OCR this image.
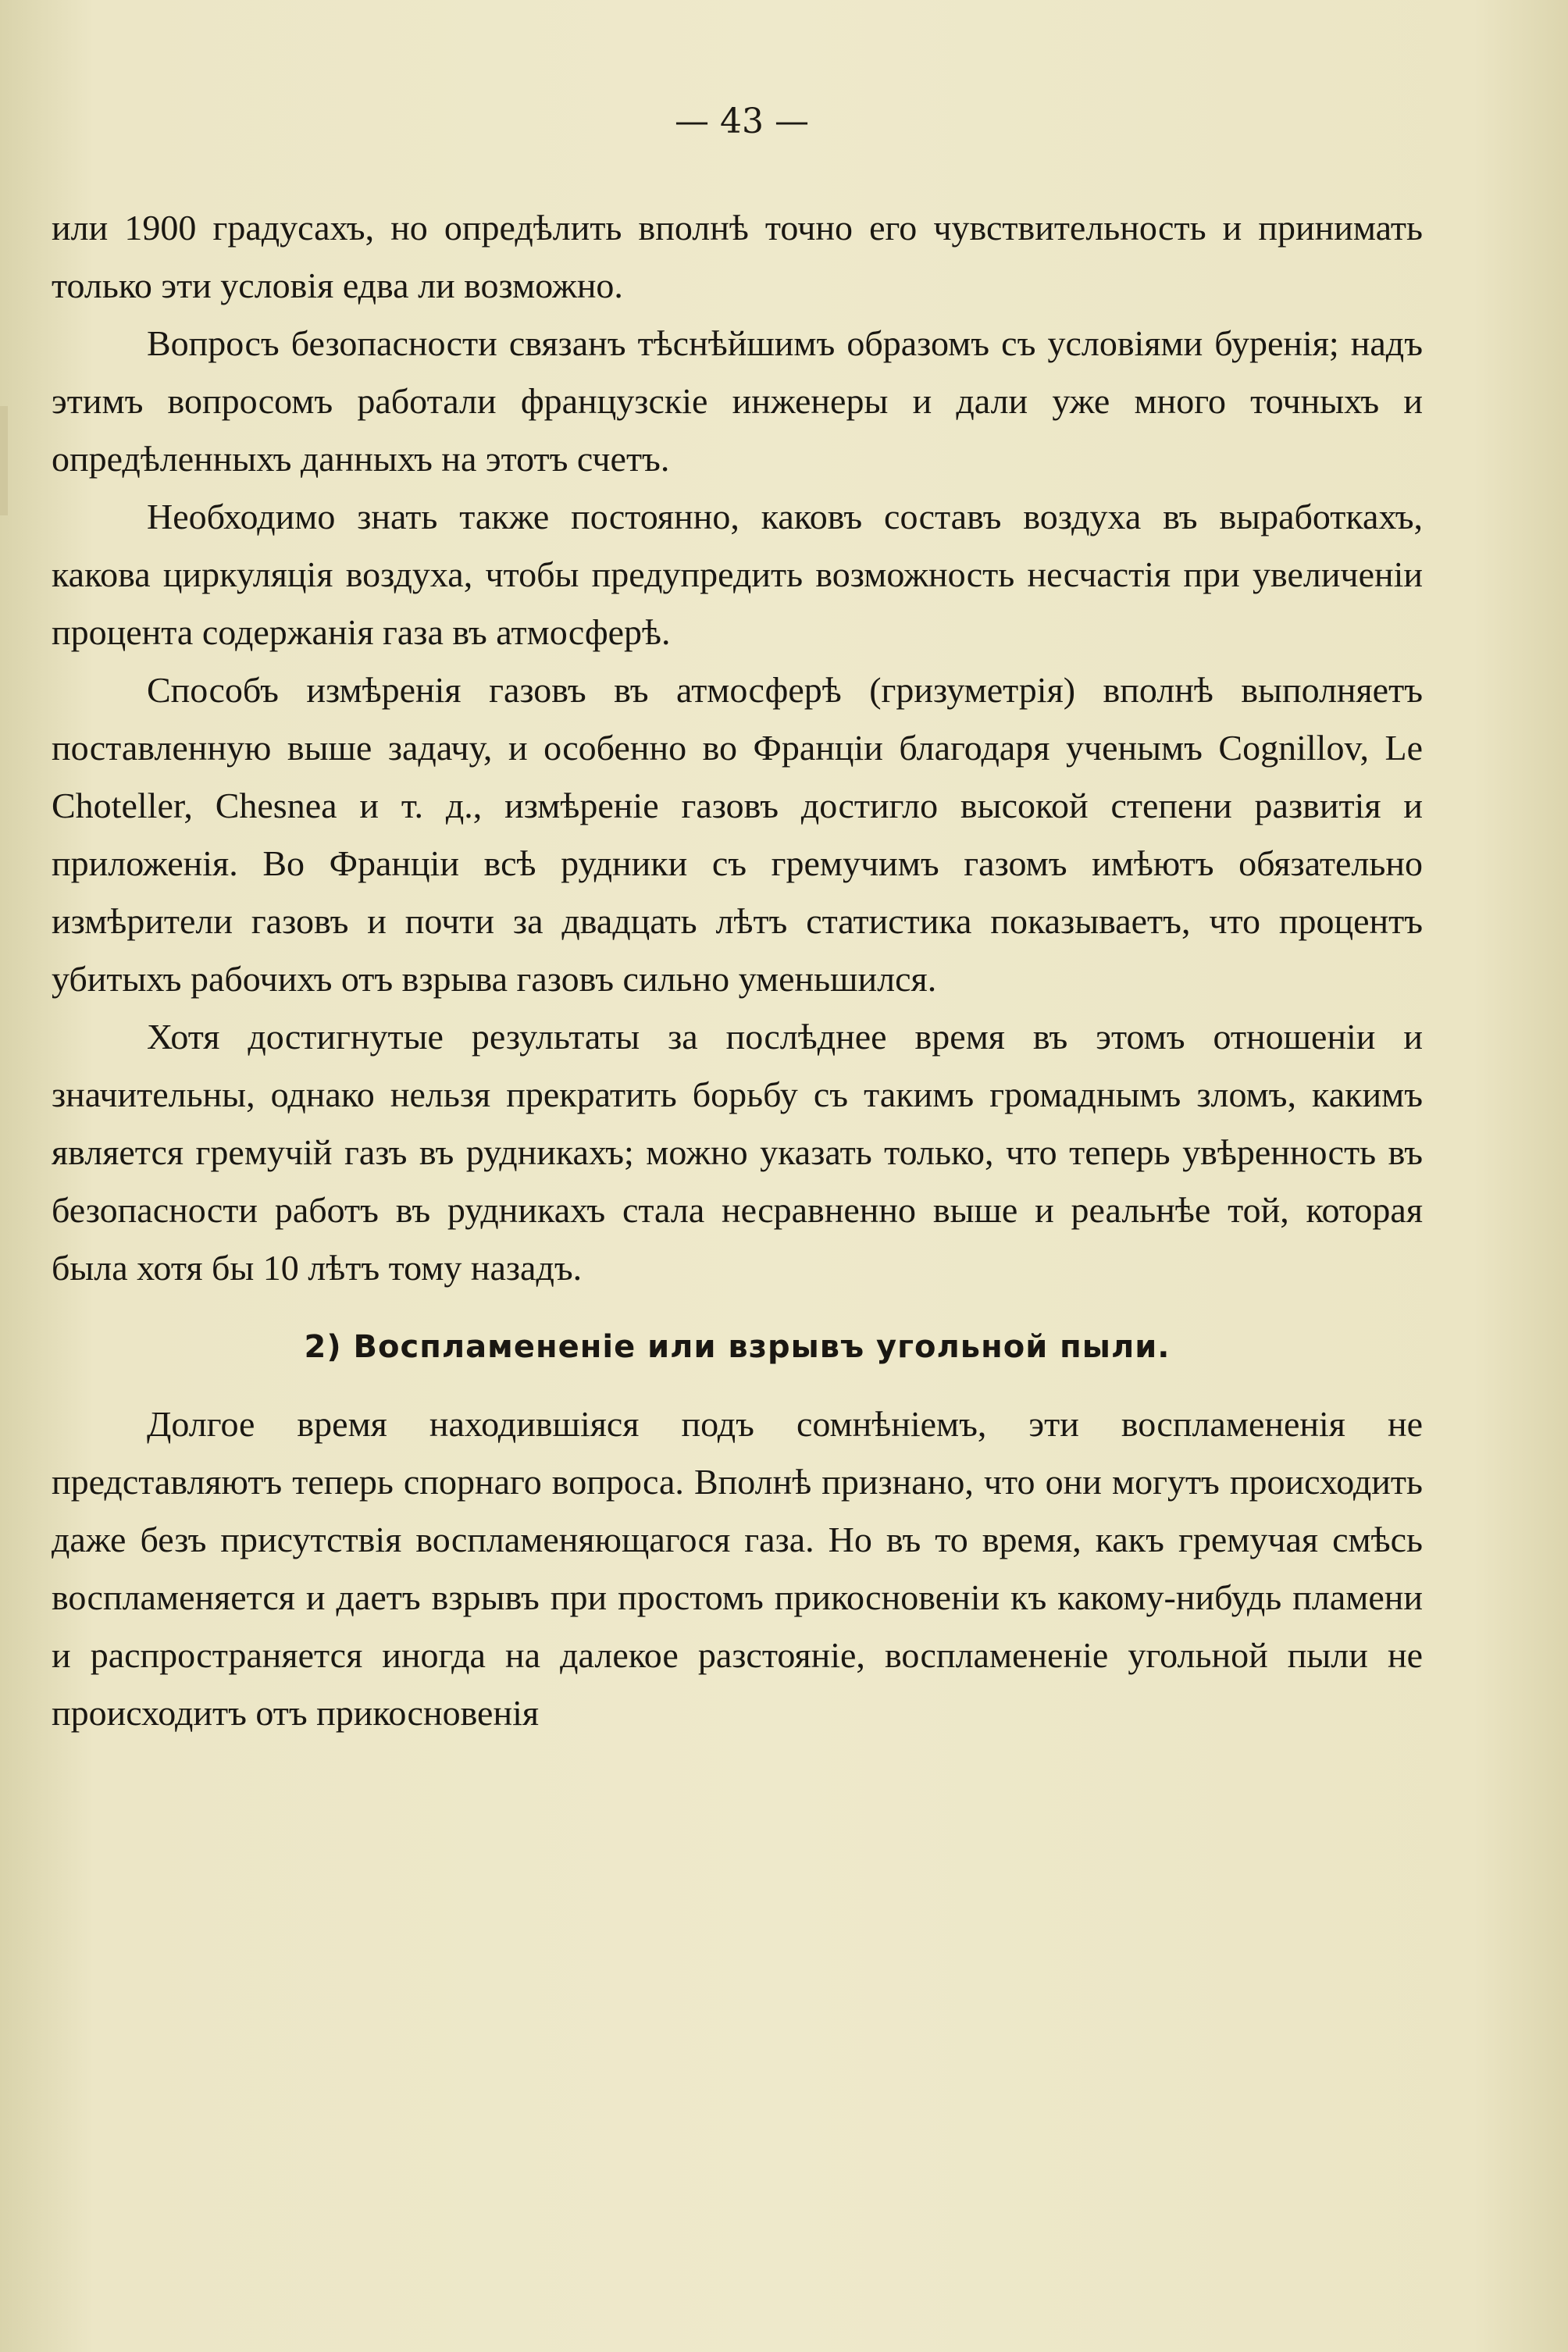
— 43 —

или 1900 градусахъ, но опредѣлить вполнѣ точно его чувствительность и принимать только эти условія едва ли возможно.

Вопросъ безопасности связанъ тѣснѣйшимъ образомъ съ условіями буренія; надъ этимъ вопросомъ работали французскіе инженеры и дали уже много точныхъ и опредѣленныхъ данныхъ на этотъ счетъ.

Необходимо знать также постоянно, каковъ составъ воздуха въ выработкахъ, какова циркуляція воздуха, чтобы предупредить возможность несчастія при увеличеніи процента содержанія газа въ атмосферѣ.

Способъ измѣренія газовъ въ атмосферѣ (гризуметрія) вполнѣ выполняетъ поставленную выше задачу, и особенно во Франціи благодаря ученымъ Cognillov, Le Choteller, Chesnea и т. д., измѣреніе газовъ достигло высокой степени развитія и приложенія. Во Франціи всѣ рудники съ гремучимъ газомъ имѣютъ обязательно измѣрители газовъ и почти за двадцать лѣтъ статистика показываетъ, что процентъ убитыхъ рабочихъ отъ взрыва газовъ сильно уменьшился.

Хотя достигнутые результаты за послѣднее время въ этомъ отношеніи и значительны, однако нельзя прекратить борьбу съ такимъ громаднымъ зломъ, какимъ является гремучій газъ въ рудникахъ; можно указать только, что теперь увѣренность въ безопасности работъ въ рудникахъ стала несравненно выше и реальнѣе той, которая была хотя бы 10 лѣтъ тому назадъ.

2) Воспламененіе или взрывъ угольной пыли.

Долгое время находившіяся подъ сомнѣніемъ, эти воспламененія не представляютъ теперь спорнаго вопроса. Вполнѣ признано, что они могутъ происходить даже безъ присутствія воспламеняющагося газа. Но въ то время, какъ гремучая смѣсь воспламеняется и даетъ взрывъ при простомъ прикосновеніи къ какому-нибудь пламени и распространяется иногда на далекое разстояніе, воспламененіе угольной пыли не происходитъ отъ прикосновенія
